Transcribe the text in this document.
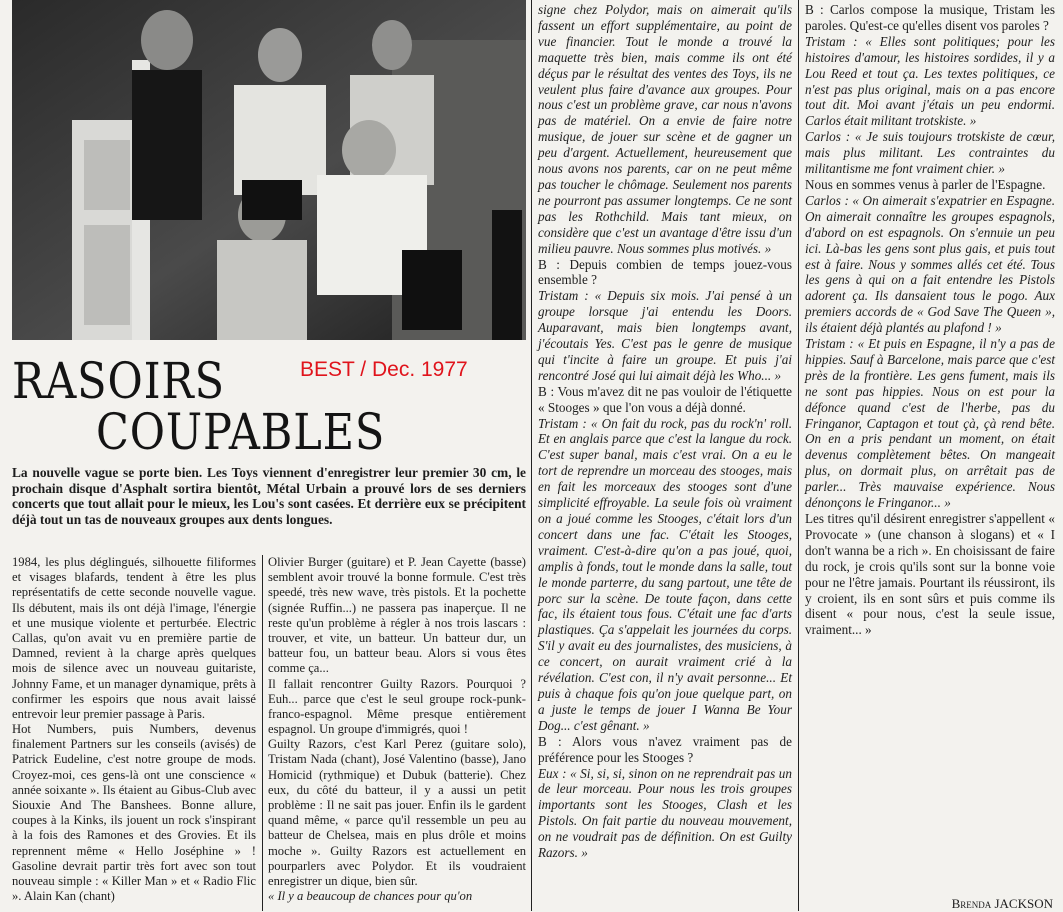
RASOIRS
COUPABLES
BEST / Dec. 1977
La nouvelle vague se porte bien. Les Toys viennent d'enregistrer leur premier 30 cm, le prochain disque d'Asphalt sortira bientôt, Métal Urbain a prouvé lors de ses derniers concerts que tout allait pour le mieux, les Lou's sont casées. Et derrière eux se précipitent déjà tout un tas de nouveaux groupes aux dents longues.

1984, les plus déglingués, silhouette filiformes et visages blafards, tendent à être les plus représentatifs de cette seconde nouvelle vague. Ils débutent, mais ils ont déjà l'image, l'énergie et une musique violente et perturbée. Electric Callas, qu'on avait vu en première partie de Damned, revient à la charge après quelques mois de silence avec un nouveau guitariste, Johnny Fame, et un manager dynamique, prêts à confirmer les espoirs que nous avait laissé entrevoir leur premier passage à Paris.

Hot Numbers, puis Numbers, devenus finalement Partners sur les conseils (avisés) de Patrick Eudeline, c'est notre groupe de mods. Croyez-moi, ces gens-là ont une conscience « année soixante ». Ils étaient au Gibus-Club avec Siouxie And The Banshees. Bonne allure, coupes à la Kinks, ils jouent un rock s'inspirant à la fois des Ramones et des Grovies. Et ils reprennent même « Hello Joséphine » ! Gasoline devrait partir très fort avec son tout nouveau simple : « Killer Man » et « Radio Flic ». Alain Kan (chant)

Olivier Burger (guitare) et P. Jean Cayette (basse) semblent avoir trouvé la bonne formule. C'est très speedé, très new wave, très pistols. Et la pochette (signée Ruffin...) ne passera pas inaperçue. Il ne reste qu'un problème à régler à nos trois lascars : trouver, et vite, un batteur. Un batteur dur, un batteur fou, un batteur beau. Alors si vous êtes comme ça...

Il fallait rencontrer Guilty Razors. Pourquoi ? Euh... parce que c'est le seul groupe rock-punk-franco-espagnol. Même presque entièrement espagnol. Un groupe d'immigrés, quoi !

Guilty Razors, c'est Karl Perez (guitare solo), Tristam Nada (chant), José Valentino (basse), Jano Homicid (rythmique) et Dubuk (batterie). Chez eux, du côté du batteur, il y a aussi un petit problème : Il ne sait pas jouer. Enfin ils le gardent quand même, « parce qu'il ressemble un peu au batteur de Chelsea, mais en plus drôle et moins moche ». Guilty Razors est actuellement en pourparlers avec Polydor. Et ils voudraient enregistrer un dique, bien sûr.

« Il y a beaucoup de chances pour qu'on

signe chez Polydor, mais on aimerait qu'ils fassent un effort supplémentaire, au point de vue financier. Tout le monde a trouvé la maquette très bien, mais comme ils ont été déçus par le résultat des ventes des Toys, ils ne veulent plus faire d'avance aux groupes. Pour nous c'est un problème grave, car nous n'avons pas de matériel. On a envie de faire notre musique, de jouer sur scène et de gagner un peu d'argent. Actuellement, heureusement que nous avons nos parents, car on ne peut même pas toucher le chômage. Seulement nos parents ne pourront pas assumer longtemps. Ce ne sont pas les Rothchild. Mais tant mieux, on considère que c'est un avantage d'être issu d'un milieu pauvre. Nous sommes plus motivés. »

B : Depuis combien de temps jouez-vous ensemble ?

Tristam : « Depuis six mois. J'ai pensé à un groupe lorsque j'ai entendu les Doors. Auparavant, mais bien longtemps avant, j'écoutais Yes. C'est pas le genre de musique qui t'incite à faire un groupe. Et puis j'ai rencontré José qui lui aimait déjà les Who... »

B : Vous m'avez dit ne pas vouloir de l'étiquette « Stooges » que l'on vous a déjà donné.

Tristam : « On fait du rock, pas du rock'n' roll. Et en anglais parce que c'est la langue du rock. C'est super banal, mais c'est vrai. On a eu le tort de reprendre un morceau des stooges, mais en fait les morceaux des stooges sont d'une simplicité effroyable. La seule fois où vraiment on a joué comme les Stooges, c'était lors d'un concert dans une fac. C'était les Stooges, vraiment. C'est-à-dire qu'on a pas joué, quoi, amplis à fonds, tout le monde dans la salle, tout le monde parterre, du sang partout, une tête de porc sur la scène. De toute façon, dans cette fac, ils étaient tous fous. C'était une fac d'arts plastiques. Ça s'appelait les journées du corps. S'il y avait eu des journalistes, des musiciens, à ce concert, on aurait vraiment crié à la révélation. C'est con, il n'y avait personne... Et puis à chaque fois qu'on joue quelque part, on a juste le temps de jouer I Wanna Be Your Dog... c'est gênant. »

B : Alors vous n'avez vraiment pas de préférence pour les Stooges ?

Eux : « Si, si, si, sinon on ne reprendrait pas un de leur morceau. Pour nous les trois groupes importants sont les Stooges, Clash et les Pistols. On fait partie du nouveau mouvement, on ne voudrait pas de définition. On est Guilty Razors. »

B : Carlos compose la musique, Tristam les paroles. Qu'est-ce qu'elles disent vos paroles ?

Tristam : « Elles sont politiques; pour les histoires d'amour, les histoires sordides, il y a Lou Reed et tout ça. Les textes politiques, ce n'est pas plus original, mais on a pas encore tout dit. Moi avant j'étais un peu endormi. Carlos était militant trotskiste. »

Carlos : « Je suis toujours trotskiste de cœur, mais plus militant. Les contraintes du militantisme me font vraiment chier. »

Nous en sommes venus à parler de l'Espagne.

Carlos : « On aimerait s'expatrier en Espagne. On aimerait connaître les groupes espagnols, d'abord on est espagnols. On s'ennuie un peu ici. Là-bas les gens sont plus gais, et puis tout est à faire. Nous y sommes allés cet été. Tous les gens à qui on a fait entendre les Pistols adorent ça. Ils dansaient tous le pogo. Aux premiers accords de « God Save The Queen », ils étaient déjà plantés au plafond ! »

Tristam : « Et puis en Espagne, il n'y a pas de hippies. Sauf à Barcelone, mais parce que c'est près de la frontière. Les gens fument, mais ils ne sont pas hippies. Nous on est pour la défonce quand c'est de l'herbe, pas du Fringanor, Captagon et tout çà, çà rend bête. On en a pris pendant un moment, on était devenus complètement bêtes. On mangeait plus, on dormait plus, on arrêtait pas de parler... Très mauvaise expérience. Nous dénonçons le Fringanor... »

Les titres qu'il désirent enregistrer s'appellent « Provocate » (une chanson à slogans) et « I don't wanna be a rich ». En choisissant de faire du rock, je crois qu'ils sont sur la bonne voie pour ne l'être jamais. Pourtant ils réussiront, ils y croient, ils en sont sûrs et puis comme ils disent « pour nous, c'est la seule issue, vraiment... »

Brenda JACKSON
